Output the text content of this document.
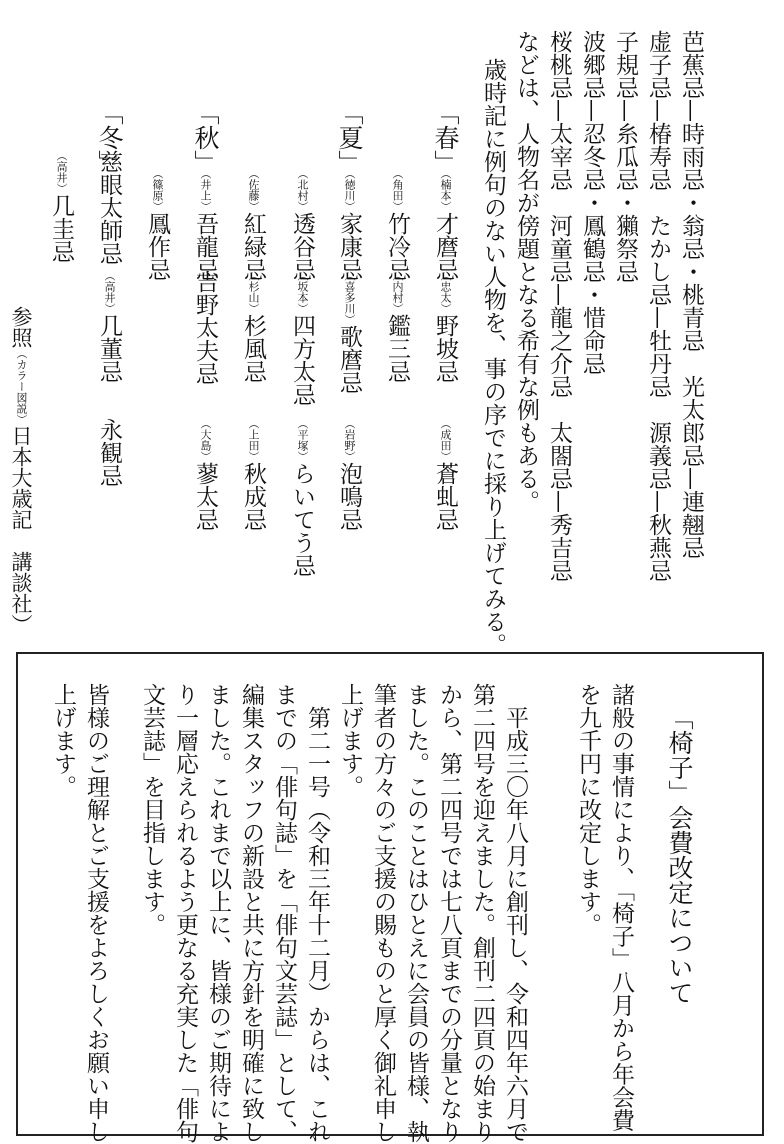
芭蕉忌—時雨忌・翁忌・桃青忌　光太郎忌—連翹忌
虚子忌—椿寿忌　たかし忌—牡丹忌　源義忌—秋燕忌
子規忌—糸瓜忌・獺祭忌
波郷忌—忍冬忌・鳳鶴忌・惜命忌
桜桃忌—太宰忌　河童忌—龍之介忌　太閤忌—秀吉忌
などは、人物名が傍題となる希有な例もある。
歳時記に例句のない人物を、事の序でに採り上げてみる。
「春」
（楠本）才麿忌
（忠太）野坡忌
（成田）蒼虬忌
（角田）竹冷忌
（内村）鑑三忌
「夏」
（徳川）家康忌
（喜多川）歌麿忌
（岩野）泡鳴忌
（北村）透谷忌
（坂本）四方太忌
（平塚）らいてう忌
「秋」
（佐藤）紅緑忌
（杉山）杉風忌
（上田）秋成忌
（井上）吾龍忌
吉野太夫忌
（大島）蓼太忌
（篠原）鳳作忌
「冬」
慈眼太師忌
（高井）几董忌
永観忌
（高井）几圭忌
参照（カラー図説）日本大歳記　講談社）
「椅子」会費改定について
諸般の事情により、「椅子」八月から年会費
を九千円に改定します。
　平成三〇年八月に創刊し、令和四年六月で
第二四号を迎えました。創刊二四頁の始まり
から、第二四号では七八頁までの分量となり
ました。このことはひとえに会員の皆様、執
筆者の方々のご支援の賜ものと厚く御礼申し
上げます。
　第二一号（令和三年十二月）からは、これ
までの「俳句誌」を「俳句文芸誌」として、
編集スタッフの新設と共に方針を明確に致し
ました。これまで以上に、皆様のご期待によ
り一層応えられるよう更なる充実した「俳句
文芸誌」を目指します。
皆様のご理解とご支援をよろしくお願い申し
上げます。
